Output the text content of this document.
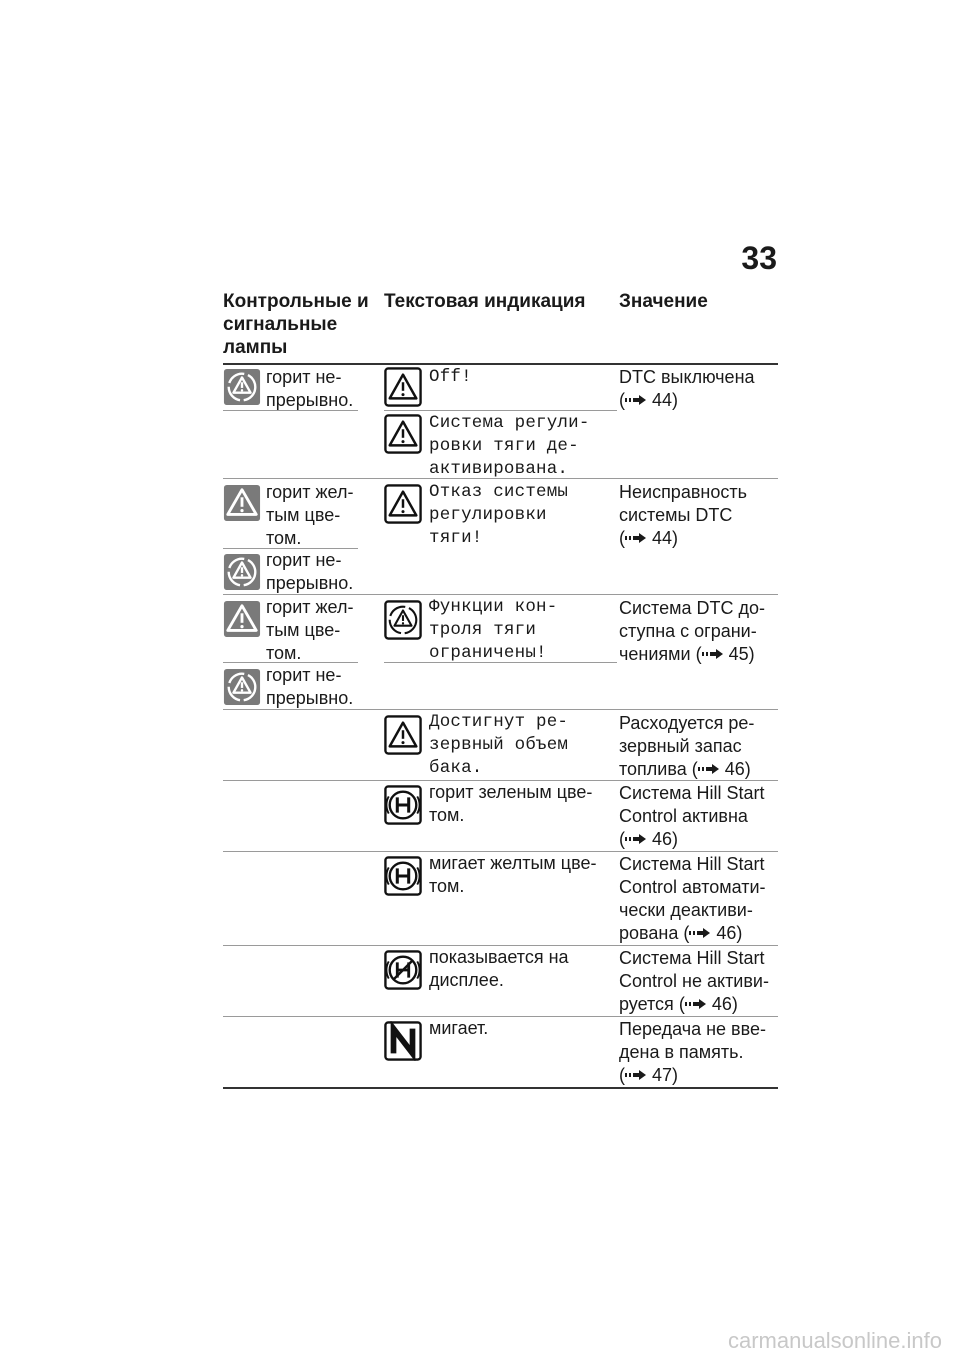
33
Контрольные и сигнальные лампы
Текстовая индикация Значение
горит не-прерывно.
Off!	DTC выключена
( 44)
Система регули-ровки тяги де-активирована.
горит жел-тым цве-том.
Отказ системы регулировки тяги!
Неисправность системы DTC
( 44)
горит не-прерывно.
горит жел-тым цве-том.
Функции кон-троля тяги ограничены!
Система DTC до-ступна с ограни-чениями ( 45)
горит не-прерывно.
Достигнут ре-зервный объем бака.
Расходуется ре-зервный запас топлива ( 46)
горит зеленым цве-том.
Система Hill Start Control активна
( 46)
мигает желтым цве-том.
Система Hill Start Control автомати-чески деактиви-рована ( 46)
показывается на дисплее.
Система Hill Start Control не активи-руется ( 46)
мигает.	Передача не вве-дена в память.
( 47)
carmanualsonline.info
